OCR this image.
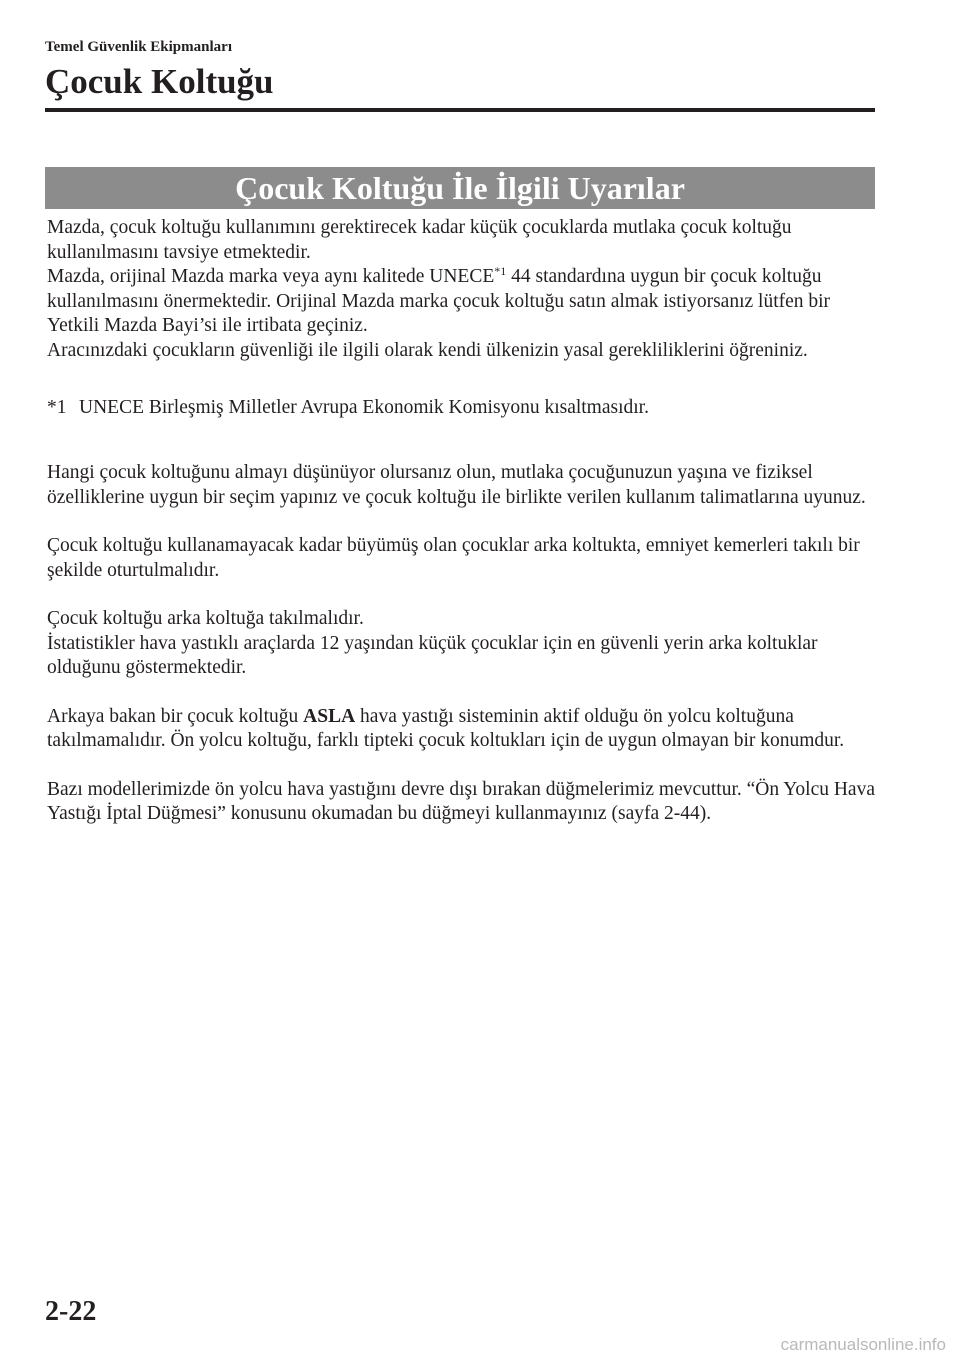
Temel Güvenlik Ekipmanları
Çocuk Koltuğu
Çocuk Koltuğu İle İlgili Uyarılar

Mazda, çocuk koltuğu kullanımını gerektirecek kadar küçük çocuklarda mutlaka çocuk koltuğu kullanılmasını tavsiye etmektedir.

Mazda, orijinal Mazda marka veya aynı kalitede UNECE$^{*1}$ 44 standardına uygun bir çocuk koltuğu kullanılmasını önermektedir. Orijinal Mazda marka çocuk koltuğu satın almak istiyorsanız lütfen bir Yetkili Mazda Bayi’si ile irtibata geçiniz.

Aracınızdaki çocukların güvenliği ile ilgili olarak kendi ülkenizin yasal gerekliliklerini öğreniniz.

*1 UNECE Birleşmiş Milletler Avrupa Ekonomik Komisyonu kısaltmasıdır.

Hangi çocuk koltuğunu almayı düşünüyor olursanız olun, mutlaka çocuğunuzun yaşına ve fiziksel özelliklerine uygun bir seçim yapınız ve çocuk koltuğu ile birlikte verilen kullanım talimatlarına uyunuz.

Çocuk koltuğu kullanamayacak kadar büyümüş olan çocuklar arka koltukta, emniyet kemerleri takılı bir şekilde oturtulmalıdır.

Çocuk koltuğu arka koltuğa takılmalıdır.
İstatistikler hava yastıklı araçlarda 12 yaşından küçük çocuklar için en güvenli yerin arka koltuklar olduğunu göstermektedir.

Arkaya bakan bir çocuk koltuğu ASLA hava yastığı sisteminin aktif olduğu ön yolcu koltuğuna takılmamalıdır. Ön yolcu koltuğu, farklı tipteki çocuk koltukları için de uygun olmayan bir konumdur.

Bazı modellerimizde ön yolcu hava yastığını devre dışı bırakan düğmelerimiz mevcuttur. “Ön Yolcu Hava Yastığı İptal Düğmesi” konusunu okumadan bu düğmeyi kullanmayınız (sayfa 2-44).

2-22
carmanualsonline.info
